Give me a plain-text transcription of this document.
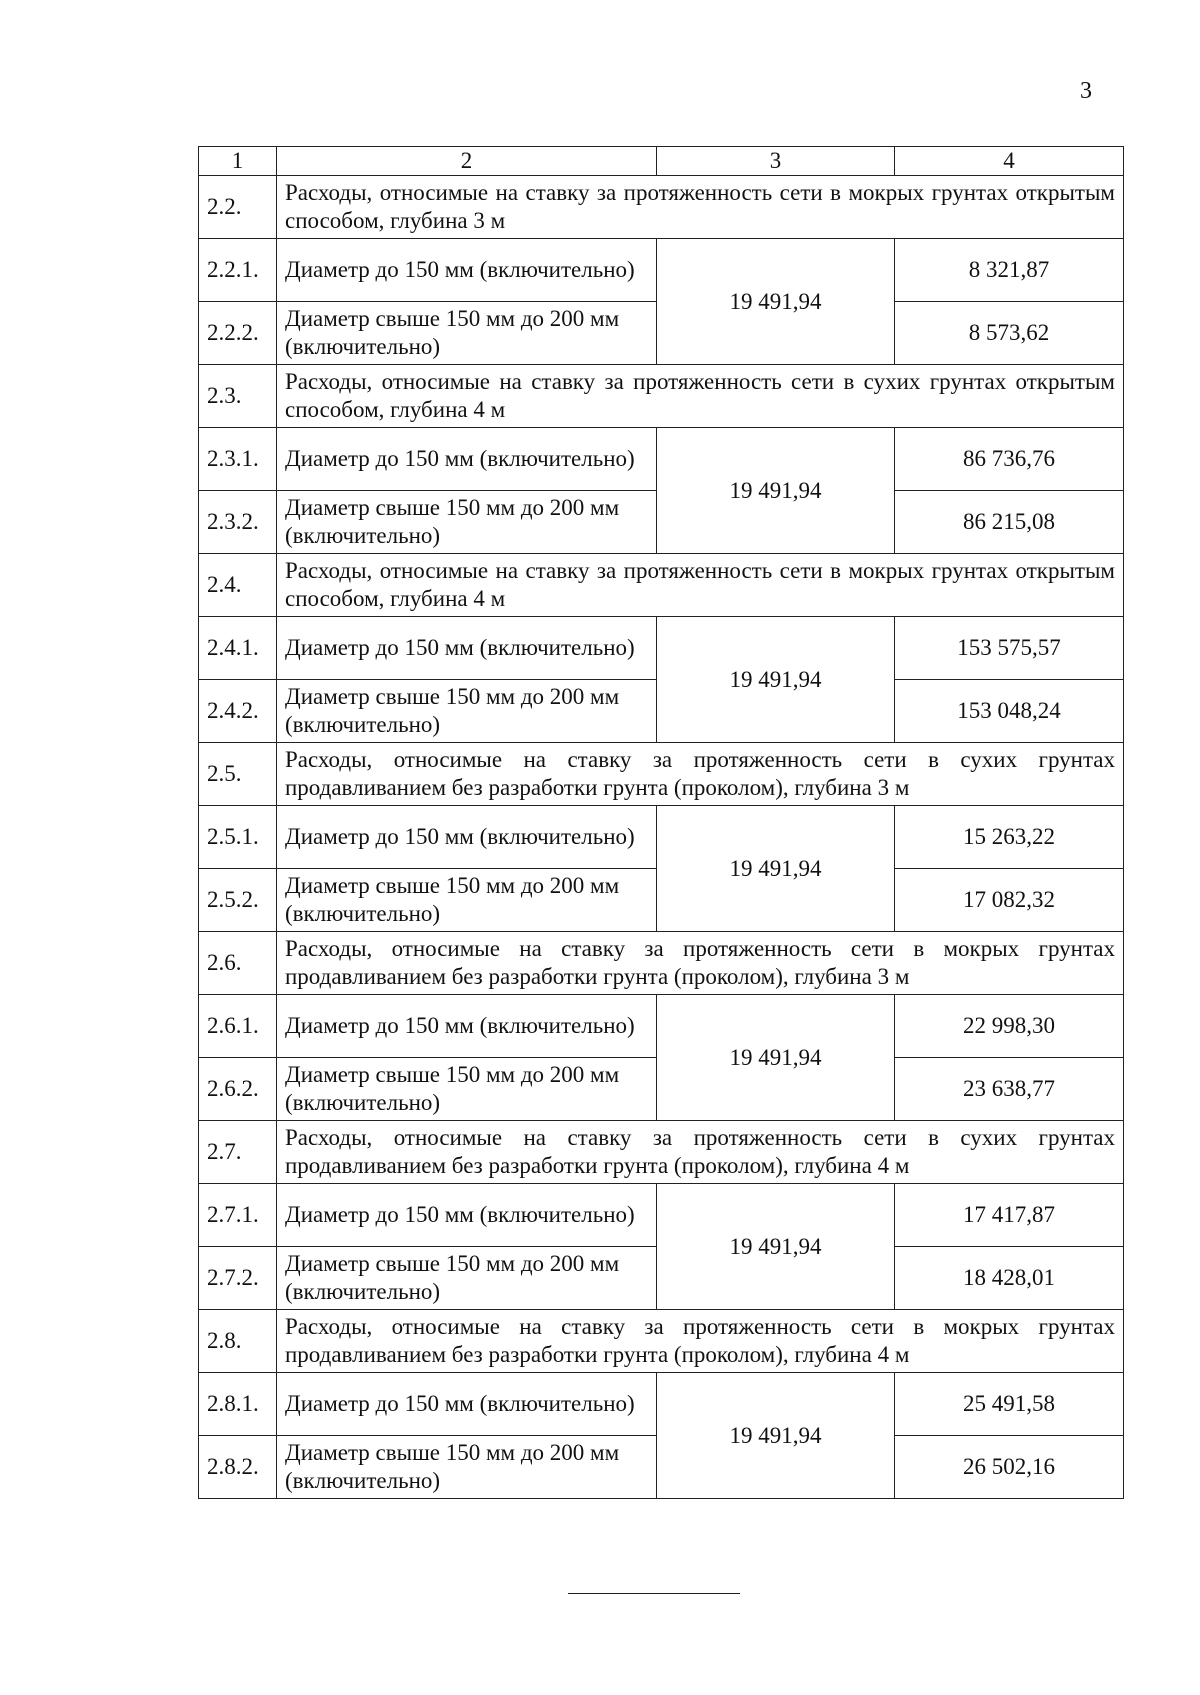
3
1	2	3	4
2.2.	Расходы, относимые на ставку за протяженность сети в мокрых грунтах открытым способом, глубина 3 м		
2.2.1.	Диаметр до 150 мм (включительно)	19 491,94	8 321,87
2.2.2.	Диаметр свыше 150 мм до 200 мм (включительно)		8 573,62
2.3.	Расходы, относимые на ставку за протяженность сети в сухих грунтах открытым способом, глубина 4 м		
2.3.1.	Диаметр до 150 мм (включительно)	19 491,94	86 736,76
2.3.2.	Диаметр свыше 150 мм до 200 мм (включительно)		86 215,08
2.4.	Расходы, относимые на ставку за протяженность сети в мокрых грунтах открытым способом, глубина 4 м		
2.4.1.	Диаметр до 150 мм (включительно)	19 491,94	153 575,57
2.4.2.	Диаметр свыше 150 мм до 200 мм (включительно)		153 048,24
2.5.	Расходы, относимые на ставку за протяженность сети в сухих грунтах продавливанием без разработки грунта (проколом), глубина 3 м		
2.5.1.	Диаметр до 150 мм (включительно)	19 491,94	15 263,22
2.5.2.	Диаметр свыше 150 мм до 200 мм (включительно)		17 082,32
2.6.	Расходы, относимые на ставку за протяженность сети в мокрых грунтах продавливанием без разработки грунта (проколом), глубина 3 м		
2.6.1.	Диаметр до 150 мм (включительно)	19 491,94	22 998,30
2.6.2.	Диаметр свыше 150 мм до 200 мм (включительно)		23 638,77
2.7.	Расходы, относимые на ставку за протяженность сети в сухих грунтах продавливанием без разработки грунта (проколом), глубина 4 м		
2.7.1.	Диаметр до 150 мм (включительно)	19 491,94	17 417,87
2.7.2.	Диаметр свыше 150 мм до 200 мм (включительно)		18 428,01
2.8.	Расходы, относимые на ставку за протяженность сети в мокрых грунтах продавливанием без разработки грунта (проколом), глубина 4 м		
2.8.1.	Диаметр до 150 мм (включительно)	19 491,94	25 491,58
2.8.2.	Диаметр свыше 150 мм до 200 мм (включительно)		26 502,16
